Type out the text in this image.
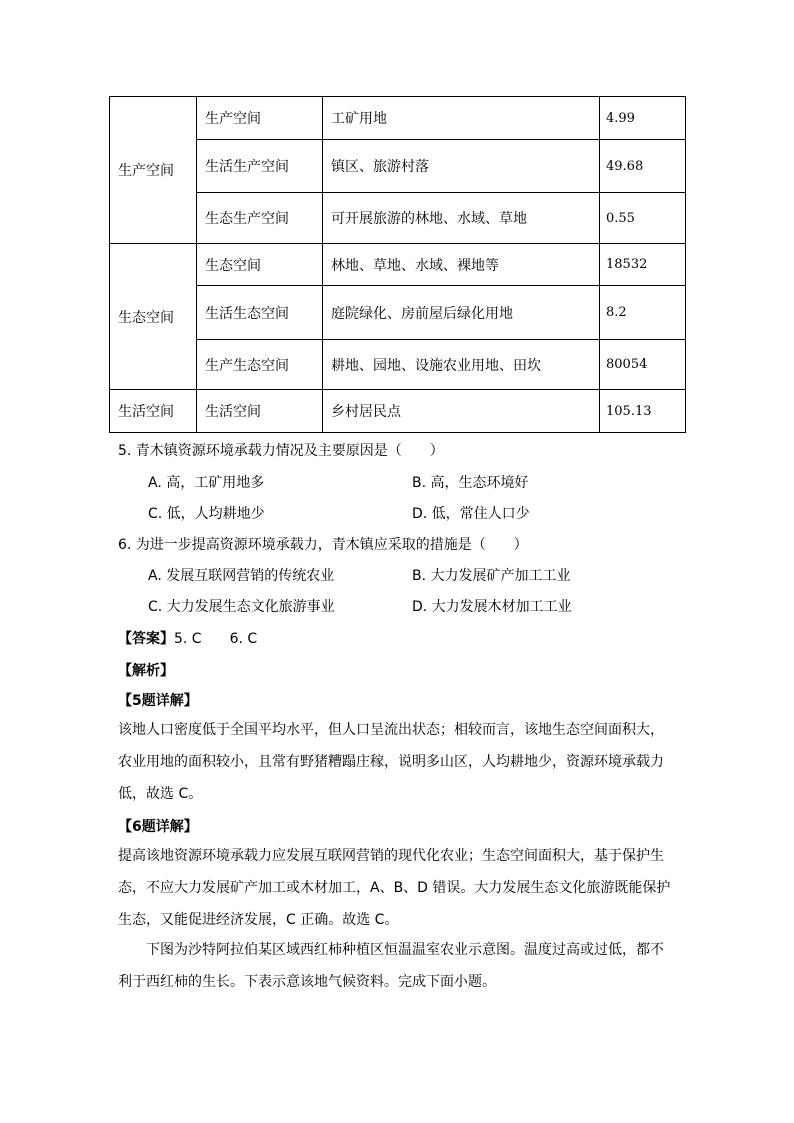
生产空间	生产空间	工矿用地	4.99
	生活生产空间	镇区、旅游村落	49.68
	生态生产空间	可开展旅游的林地、水域、草地	0.55
生态空间	生态空间	林地、草地、水域、裸地等	18532
	生活生态空间	庭院绿化、房前屋后绿化用地	8.2
	生产生态空间	耕地、园地、设施农业用地、田坎	80054
生活空间	生活空间	乡村居民点	105.13
5. 青木镇资源环境承载力情况及主要原因是（　　）
A. 高，工矿用地多	B. 高，生态环境好
C. 低，人均耕地少	D. 低，常住人口少
6. 为进一步提高资源环境承载力，青木镇应采取的措施是（　　）
A. 发展互联网营销的传统农业	B. 大力发展矿产加工工业
C. 大力发展生态文化旅游事业	D. 大力发展木材加工工业
【答案】5. C　　6. C
【解析】
【5题详解】
该地人口密度低于全国平均水平，但人口呈流出状态；相较而言，该地生态空间面积大，
农业用地的面积较小，且常有野猪糟蹋庄稼，说明多山区，人均耕地少，资源环境承载力
低，故选 C。
【6题详解】
提高该地资源环境承载力应发展互联网营销的现代化农业；生态空间面积大，基于保护生
态，不应大力发展矿产加工或木材加工，A、B、D 错误。大力发展生态文化旅游既能保护
生态，又能促进经济发展，C 正确。故选 C。
下图为沙特阿拉伯某区域西红柿种植区恒温温室农业示意图。温度过高或过低，都不
利于西红柿的生长。下表示意该地气候资料。完成下面小题。
